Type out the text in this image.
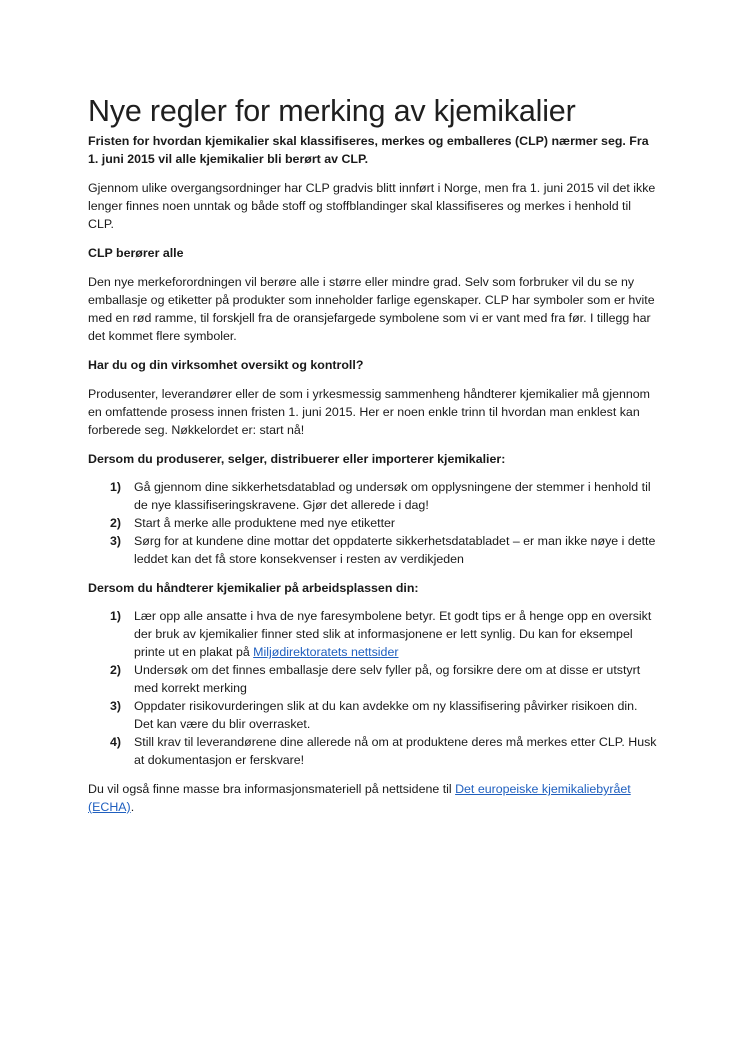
Nye regler for merking av kjemikalier

Fristen for hvordan kjemikalier skal klassifiseres, merkes og emballeres (CLP) nærmer seg. Fra 1. juni 2015 vil alle kjemikalier bli berørt av CLP.

Gjennom ulike overgangsordninger har CLP gradvis blitt innført i Norge, men fra 1. juni 2015 vil det ikke lenger finnes noen unntak og både stoff og stoffblandinger skal klassifiseres og merkes i henhold til CLP.

CLP berører alle

Den nye merkeforordningen vil berøre alle i større eller mindre grad. Selv som forbruker vil du se ny emballasje og etiketter på produkter som inneholder farlige egenskaper. CLP har symboler som er hvite med en rød ramme, til forskjell fra de oransjefargede symbolene som vi er vant med fra før. I tillegg har det kommet flere symboler.

Har du og din virksomhet oversikt og kontroll?

Produsenter, leverandører eller de som i yrkesmessig sammenheng håndterer kjemikalier må gjennom en omfattende prosess innen fristen 1. juni 2015. Her er noen enkle trinn til hvordan man enklest kan forberede seg. Nøkkelordet er: start nå!

Dersom du produserer, selger, distribuerer eller importerer kjemikalier:

1) Gå gjennom dine sikkerhetsdatablad og undersøk om opplysningene der stemmer i henhold til de nye klassifiseringskravene. Gjør det allerede i dag!
2) Start å merke alle produktene med nye etiketter
3) Sørg for at kundene dine mottar det oppdaterte sikkerhetsdatabladet – er man ikke nøye i dette leddet kan det få store konsekvenser i resten av verdikjeden

Dersom du håndterer kjemikalier på arbeidsplassen din:

1) Lær opp alle ansatte i hva de nye faresymbolene betyr. Et godt tips er å henge opp en oversikt der bruk av kjemikalier finner sted slik at informasjonene er lett synlig. Du kan for eksempel printe ut en plakat på Miljødirektoratets nettsider
2) Undersøk om det finnes emballasje dere selv fyller på, og forsikre dere om at disse er utstyrt med korrekt merking
3) Oppdater risikovurderingen slik at du kan avdekke om ny klassifisering påvirker risikoen din. Det kan være du blir overrasket.
4) Still krav til leverandørene dine allerede nå om at produktene deres må merkes etter CLP. Husk at dokumentasjon er ferskvare!

Du vil også finne masse bra informasjonsmateriell på nettsidene til Det europeiske kjemikaliebyrået (ECHA).
